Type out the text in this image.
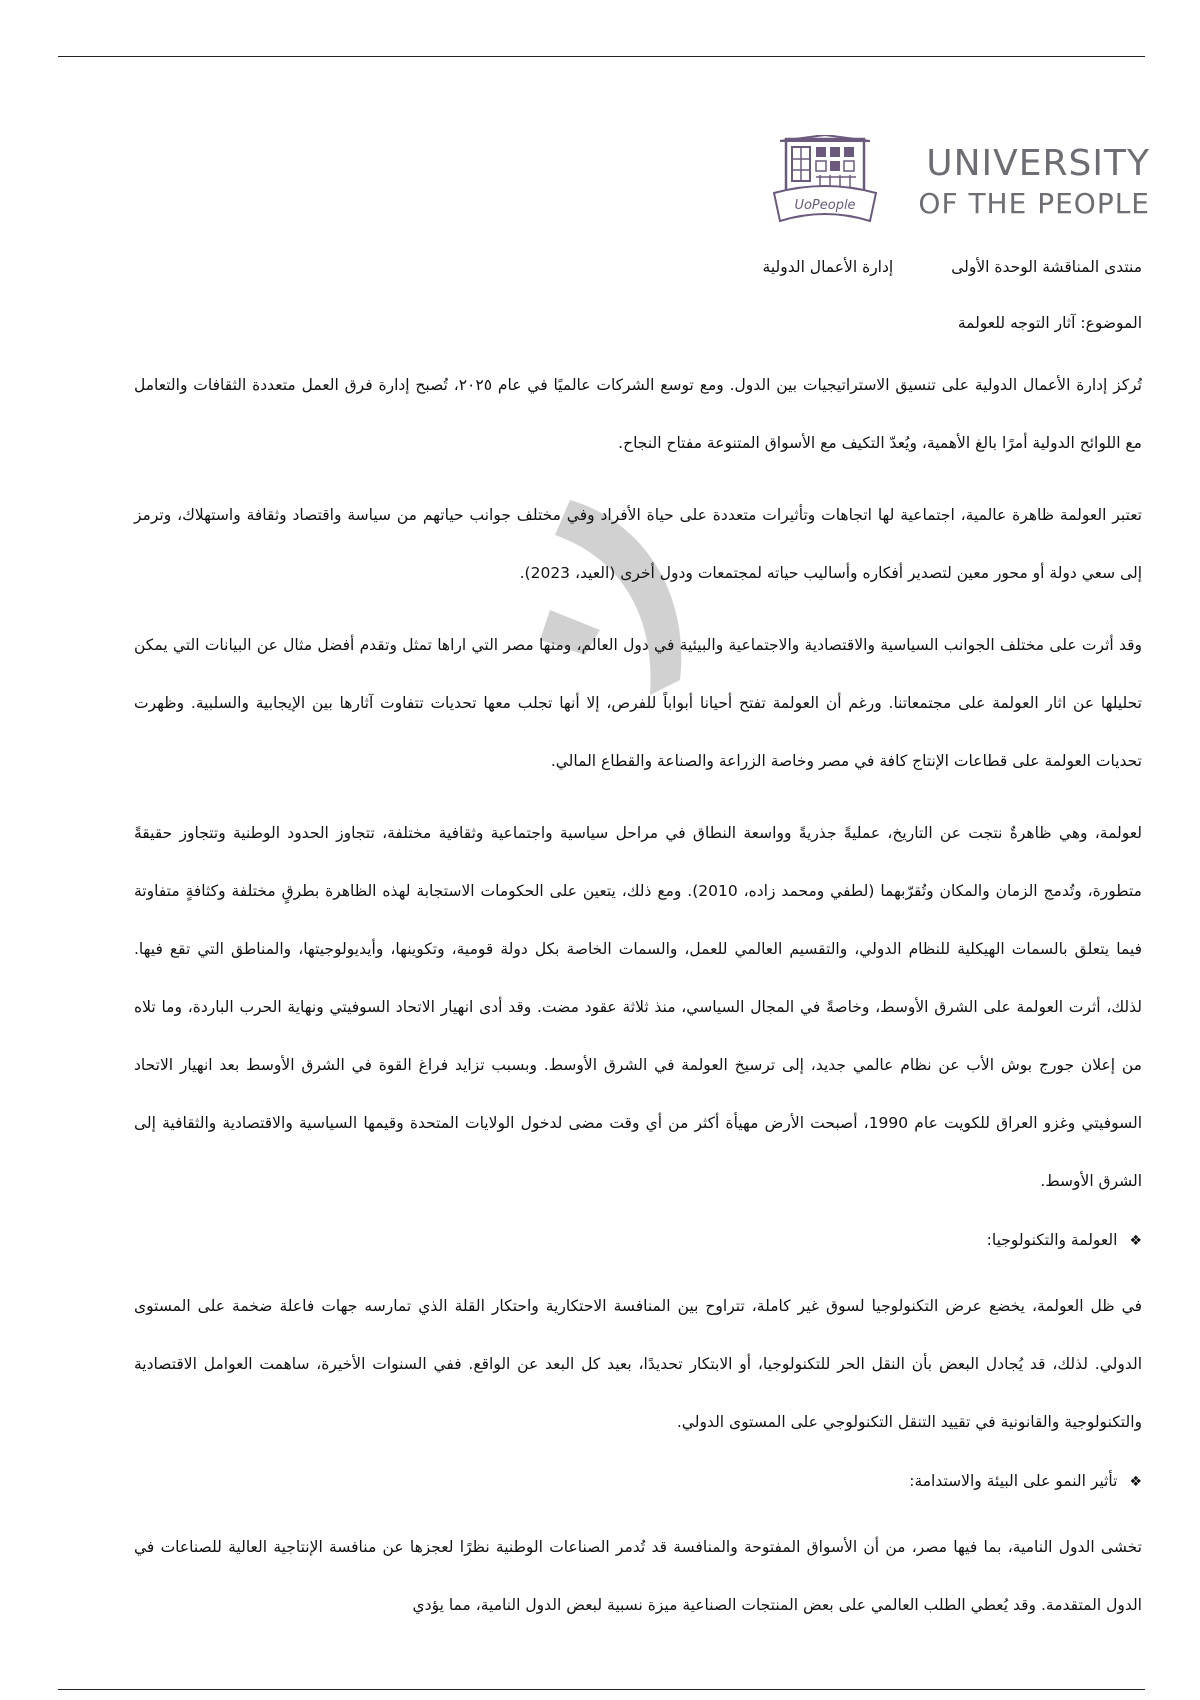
UoPeople
UNIVERSITY
OF THE PEOPLE
منتدى المناقشة الوحدة الأولىإدارة الأعمال الدولية
الموضوع: آثار التوجه للعولمة

تُركز إدارة الأعمال الدولية على تنسيق الاستراتيجيات بين الدول. ومع توسع الشركات عالميًا في عام ٢٠٢٥، تُصبح إدارة فرق العمل متعددة الثقافات والتعامل مع اللوائح الدولية أمرًا بالغ الأهمية، ويُعدّ التكيف مع الأسواق المتنوعة مفتاح النجاح.

تعتبر العولمة ظاهرة عالمية، اجتماعية لها اتجاهات وتأثيرات متعددة على حياة الأفراد وفي مختلف جوانب حياتهم من سياسة واقتصاد وثقافة واستهلاك، وترمز إلى سعي دولة أو محور معين لتصدير أفكاره وأساليب حياته لمجتمعات ودول أخرى (العيد، 2023).

وقد أثرت على مختلف الجوانب السياسية والاقتصادية والاجتماعية والبيئية في دول العالم، ومنها مصر التي اراها تمثل وتقدم أفضل مثال عن البيانات التي يمكن تحليلها عن اثار العولمة على مجتمعاتنا. ورغم أن العولمة تفتح أحيانا أبواباً للفرص، إلا أنها تجلب معها تحديات تتفاوت آثارها بين الإيجابية والسلبية. وظهرت تحديات العولمة على قطاعات الإنتاج كافة في مصر وخاصة الزراعة والصناعة والقطاع المالي.

لعولمة، وهي ظاهرةٌ نتجت عن التاريخ، عمليةً جذريةً وواسعة النطاق في مراحل سياسية واجتماعية وثقافية مختلفة، تتجاوز الحدود الوطنية وتتجاوز حقيقةً متطورة، وتُدمج الزمان والمكان وتُقرّبهما (لطفي ومحمد زاده، 2010). ومع ذلك، يتعين على الحكومات الاستجابة لهذه الظاهرة بطرقٍ مختلفة وكثافةٍ متفاوتة فيما يتعلق بالسمات الهيكلية للنظام الدولي، والتقسيم العالمي للعمل، والسمات الخاصة بكل دولة قومية، وتكوينها، وأيديولوجيتها، والمناطق التي تقع فيها. لذلك، أثرت العولمة على الشرق الأوسط، وخاصةً في المجال السياسي، منذ ثلاثة عقود مضت. وقد أدى انهيار الاتحاد السوفيتي ونهاية الحرب الباردة، وما تلاه من إعلان جورج بوش الأب عن نظام عالمي جديد، إلى ترسيخ العولمة في الشرق الأوسط. وبسبب تزايد فراغ القوة في الشرق الأوسط بعد انهيار الاتحاد السوفيتي وغزو العراق للكويت عام 1990، أصبحت الأرض مهيأة أكثر من أي وقت مضى لدخول الولايات المتحدة وقيمها السياسية والاقتصادية والثقافية إلى الشرق الأوسط.

❖العولمة والتكنولوجيا:

في ظل العولمة، يخضع عرض التكنولوجيا لسوق غير كاملة، تتراوح بين المنافسة الاحتكارية واحتكار القلة الذي تمارسه جهات فاعلة ضخمة على المستوى الدولي. لذلك، قد يُجادل البعض بأن النقل الحر للتكنولوجيا، أو الابتكار تحديدًا، بعيد كل البعد عن الواقع. ففي السنوات الأخيرة، ساهمت العوامل الاقتصادية والتكنولوجية والقانونية في تقييد التنقل التكنولوجي على المستوى الدولي.

❖تأثير النمو على البيئة والاستدامة:

تخشى الدول النامية، بما فيها مصر، من أن الأسواق المفتوحة والمنافسة قد تُدمر الصناعات الوطنية نظرًا لعجزها عن منافسة الإنتاجية العالية للصناعات في الدول المتقدمة. وقد يُعطي الطلب العالمي على بعض المنتجات الصناعية ميزة نسبية لبعض الدول النامية، مما يؤدي
